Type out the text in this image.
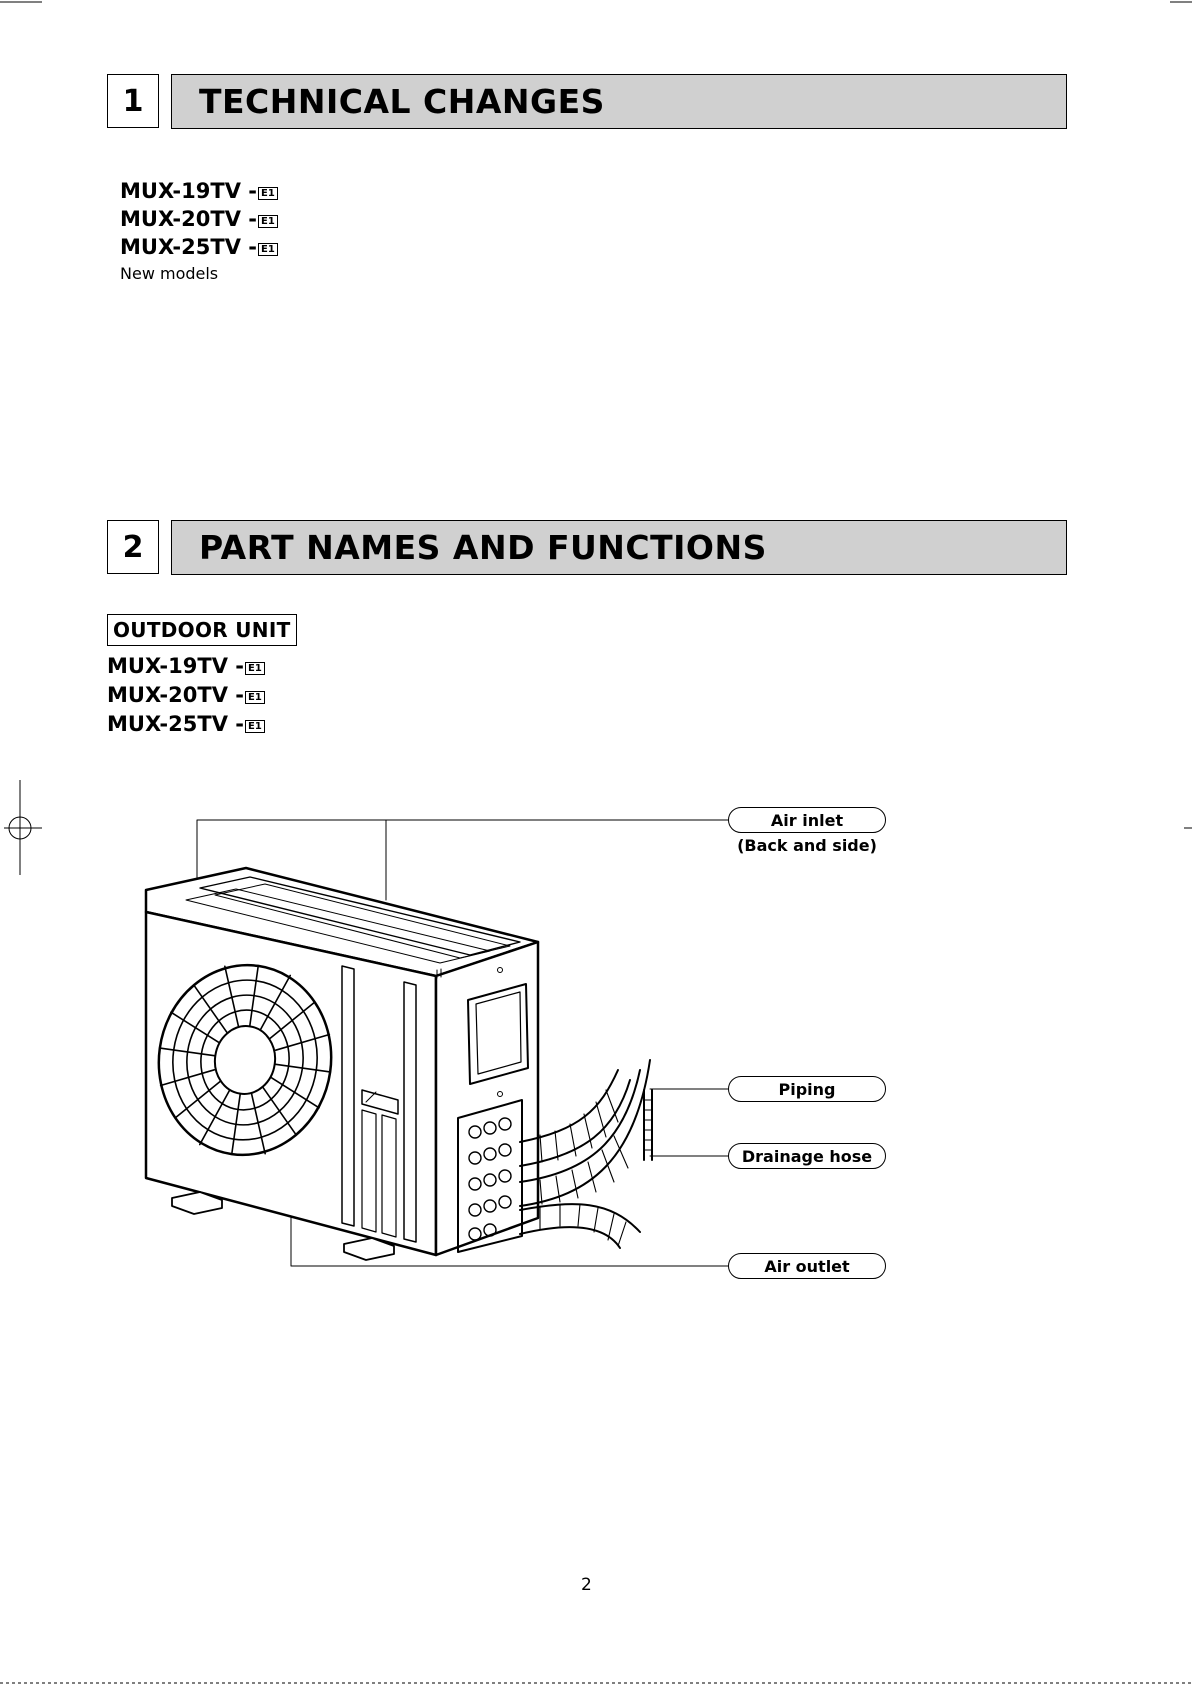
1	TECHNICAL CHANGES
MUX-19TV - E1
MUX-20TV - E1
MUX-25TV - E1
New models
2	PART NAMES AND FUNCTIONS
OUTDOOR UNIT
MUX-19TV - E1
MUX-20TV - E1
MUX-25TV - E1
Air inlet
(Back and side)
Piping
Drainage hose
Air outlet
2
